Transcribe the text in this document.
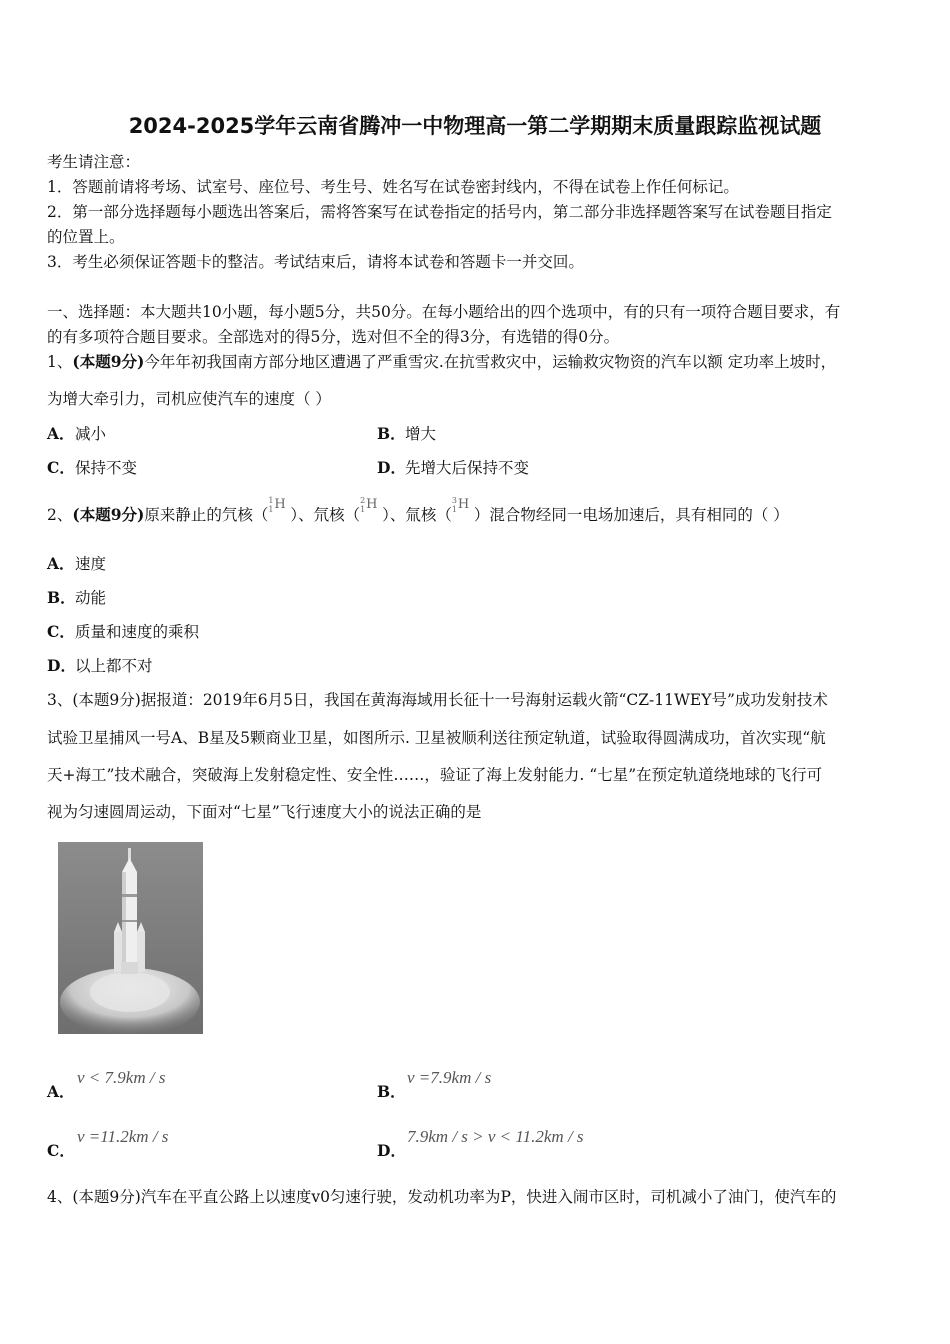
2024-2025学年云南省腾冲一中物理高一第二学期期末质量跟踪监视试题
考生请注意：
1．答题前请将考场、试室号、座位号、考生号、姓名写在试卷密封线内，不得在试卷上作任何标记。
2．第一部分选择题每小题选出答案后，需将答案写在试卷指定的括号内，第二部分非选择题答案写在试卷题目指定
的位置上。
3．考生必须保证答题卡的整洁。考试结束后，请将本试卷和答题卡一并交回。
一、选择题：本大题共10小题，每小题5分，共50分。在每小题给出的四个选项中，有的只有一项符合题目要求，有
的有多项符合题目要求。全部选对的得5分，选对但不全的得3分，有选错的得0分。
1、(本题9分)今年年初我国南方部分地区遭遇了严重雪灾.在抗雪救灾中，运输救灾物资的汽车以额 定功率上坡时，
为增大牵引力，司机应使汽车的速度（ ）
A．减小	B．增大
C．保持不变	D．先增大后保持不变
2、(本题9分)原来静止的氕核（
1
1 H
）、氘核（
2
1 H
）、氚核（
3
1 H
）混合物经同一电场加速后，具有相同的（ ）
A．速度
B．动能
C．质量和速度的乘积
D．以上都不对
3、(本题9分)据报道：2019年6月5日，我国在黄海海域用长征十一号海射运载火箭“CZ-11WEY号”成功发射技术
试验卫星捕风一号A、B星及5颗商业卫星，如图所示. 卫星被顺利送往预定轨道，试验取得圆满成功，首次实现“航
天+海工”技术融合，突破海上发射稳定性、安全性……，验证了海上发射能力. “七星”在预定轨道绕地球的飞行可
视为匀速圆周运动，下面对“七星”飞行速度大小的说法正确的是
A．
v < 7.9km / s
B．
v =7.9km / s
C．
v =11.2km / s
D．
7.9km / s > v < 11.2km / s
4、(本题9分)汽车在平直公路上以速度v0匀速行驶，发动机功率为P，快进入闹市区时，司机减小了油门，使汽车的
